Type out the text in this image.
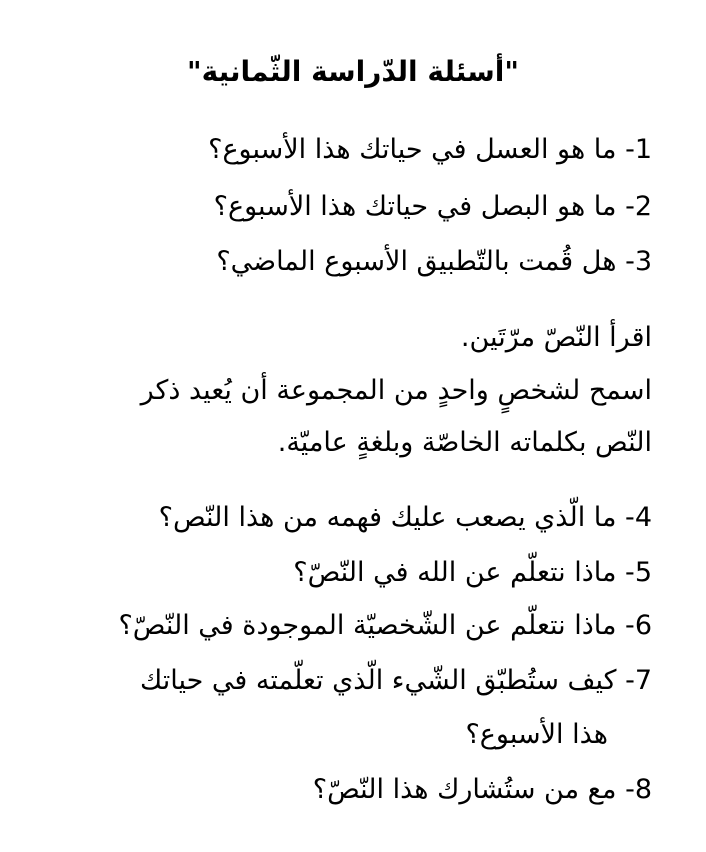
"أسئلة الدّراسة الثّمانية"
1- ما هو العسل في حياتك هذا الأسبوع؟
2- ما هو البصل في حياتك هذا الأسبوع؟
3- هل قُمت بالتّطبيق الأسبوع الماضي؟
اقرأ النّصّ مرّتَين.
اسمح لشخصٍ واحدٍ من المجموعة أن يُعيد ذكر
النّص بكلماته الخاصّة وبلغةٍ عاميّة.
4- ما الّذي يصعب عليك فهمه من هذا النّص؟
5- ماذا نتعلّم عن الله في النّصّ؟
6- ماذا نتعلّم عن الشّخصيّة الموجودة في النّصّ؟
7- كيف ستُطبّق الشّيء الّذي تعلّمته في حياتك
هذا الأسبوع؟
8- مع من ستُشارك هذا النّصّ؟
